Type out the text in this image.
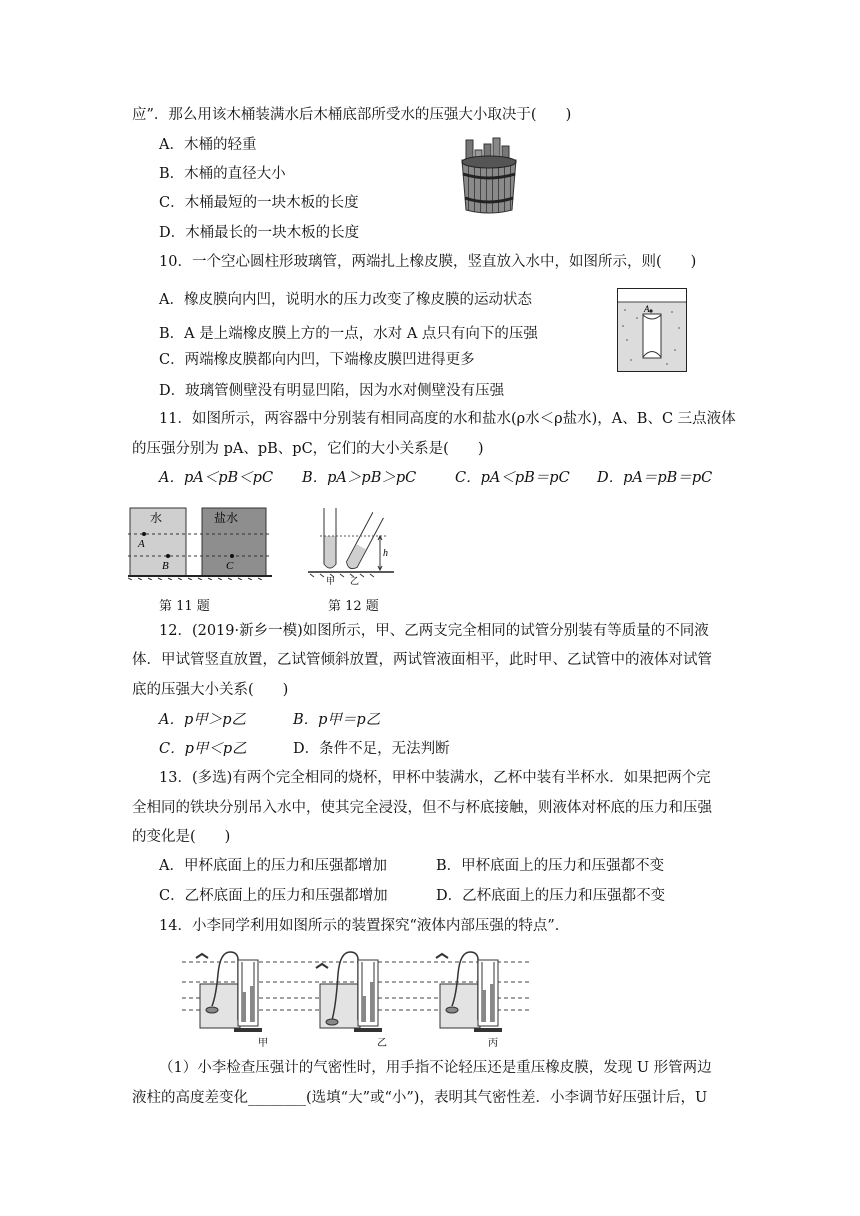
应”．那么用该木桶装满水后木桶底部所受水的压强大小取决于(　　)
A．木桶的轻重
B．木桶的直径大小
C．木桶最短的一块木板的长度
D．木桶最长的一块木板的长度
10．一个空心圆柱形玻璃管，两端扎上橡皮膜，竖直放入水中，如图所示，则(　　)
A．橡皮膜向内凹，说明水的压力改变了橡皮膜的运动状态
B．A 是上端橡皮膜上方的一点，水对 A 点只有向下的压强
C．两端橡皮膜都向内凹，下端橡皮膜凹进得更多
D．玻璃管侧壁没有明显凹陷，因为水对侧壁没有压强
A
11．如图所示，两容器中分别装有相同高度的水和盐水(ρ水＜ρ盐水)，A、B、C 三点液体
的压强分别为 pA、pB、pC，它们的大小关系是(　　)
A．pA＜pB＜pC B．pA＞pB＞pC	C．pA＜pB＝pC D．pA＝pB＝pC
水	盐水
A
B	C
h
甲 乙
第 11 题	第 12 题
12．(2019·新乡一模)如图所示，甲、乙两支完全相同的试管分别装有等质量的不同液
体．甲试管竖直放置，乙试管倾斜放置，两试管液面相平，此时甲、乙试管中的液体对试管
底的压强大小关系(　　)
A．p甲＞p乙	B．p甲＝p乙
C．p甲＜p乙	D．条件不足，无法判断
13．(多选)有两个完全相同的烧杯，甲杯中装满水，乙杯中装有半杯水．如果把两个完
全相同的铁块分别吊入水中，使其完全浸没，但不与杯底接触，则液体对杯底的压力和压强
的变化是(　　)
A．甲杯底面上的压力和压强都增加	B．甲杯底面上的压力和压强都不变
C．乙杯底面上的压力和压强都增加	D．乙杯底面上的压力和压强都不变
14．小李同学利用如图所示的装置探究“液体内部压强的特点”．
甲	乙	丙
（1）小李检查压强计的气密性时，用手指不论轻压还是重压橡皮膜，发现 U 形管两边
液柱的高度差变化________(选填“大”或“小”)，表明其气密性差．小李调节好压强计后，U
